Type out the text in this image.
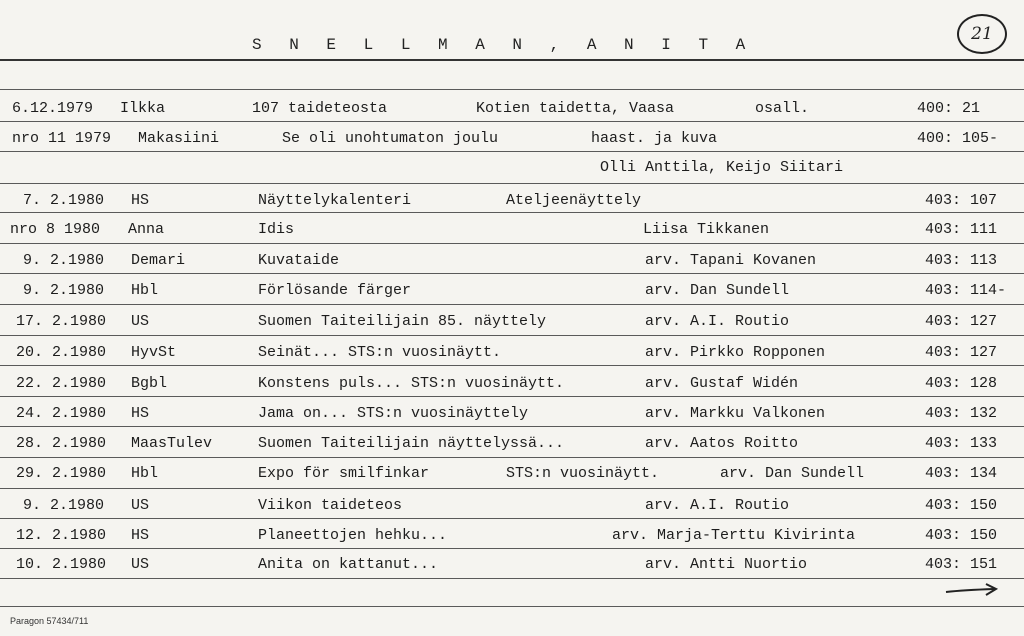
S N E L L M A N , A N I T A
21
6.12.1979 Ilkka	107 taideteosta	Kotien taidetta, Vaasa	osall.	400: 21
nro 11 1979 Makasiini	Se oli unohtumaton joulu	haast. ja kuva	400: 105-
Olli Anttila, Keijo Siitari
7. 2.1980 HS	Näyttelykalenteri	Ateljeenäyttely	403: 107
nro 8 1980 Anna	Idis	Liisa Tikkanen	403: 111
9. 2.1980 Demari	Kuvataide	arv. Tapani Kovanen	403: 113
9. 2.1980 Hbl	Förlösande färger	arv. Dan Sundell	403: 114-
17. 2.1980 US	Suomen Taiteilijain 85. näyttely	arv. A.I. Routio	403: 127
20. 2.1980 HyvSt	Seinät... STS:n vuosinäytt.	arv. Pirkko Ropponen	403: 127
22. 2.1980 Bgbl	Konstens puls... STS:n vuosinäytt.	arv. Gustaf Widén	403: 128
24. 2.1980 HS	Jama on... STS:n vuosinäyttely	arv. Markku Valkonen	403: 132
28. 2.1980 MaasTulev	Suomen Taiteilijain näyttelyssä...	arv. Aatos Roitto	403: 133
29. 2.1980 Hbl	Expo för smilfinkar	STS:n vuosinäytt.	arv. Dan Sundell	403: 134
9. 2.1980 US	Viikon taideteos	arv. A.I. Routio	403: 150
12. 2.1980 HS	Planeettojen hehku...	arv. Marja-Terttu Kivirinta	403: 150
10. 2.1980 US	Anita on kattanut...	arv. Antti Nuortio	403: 151
Paragon 57434/711
